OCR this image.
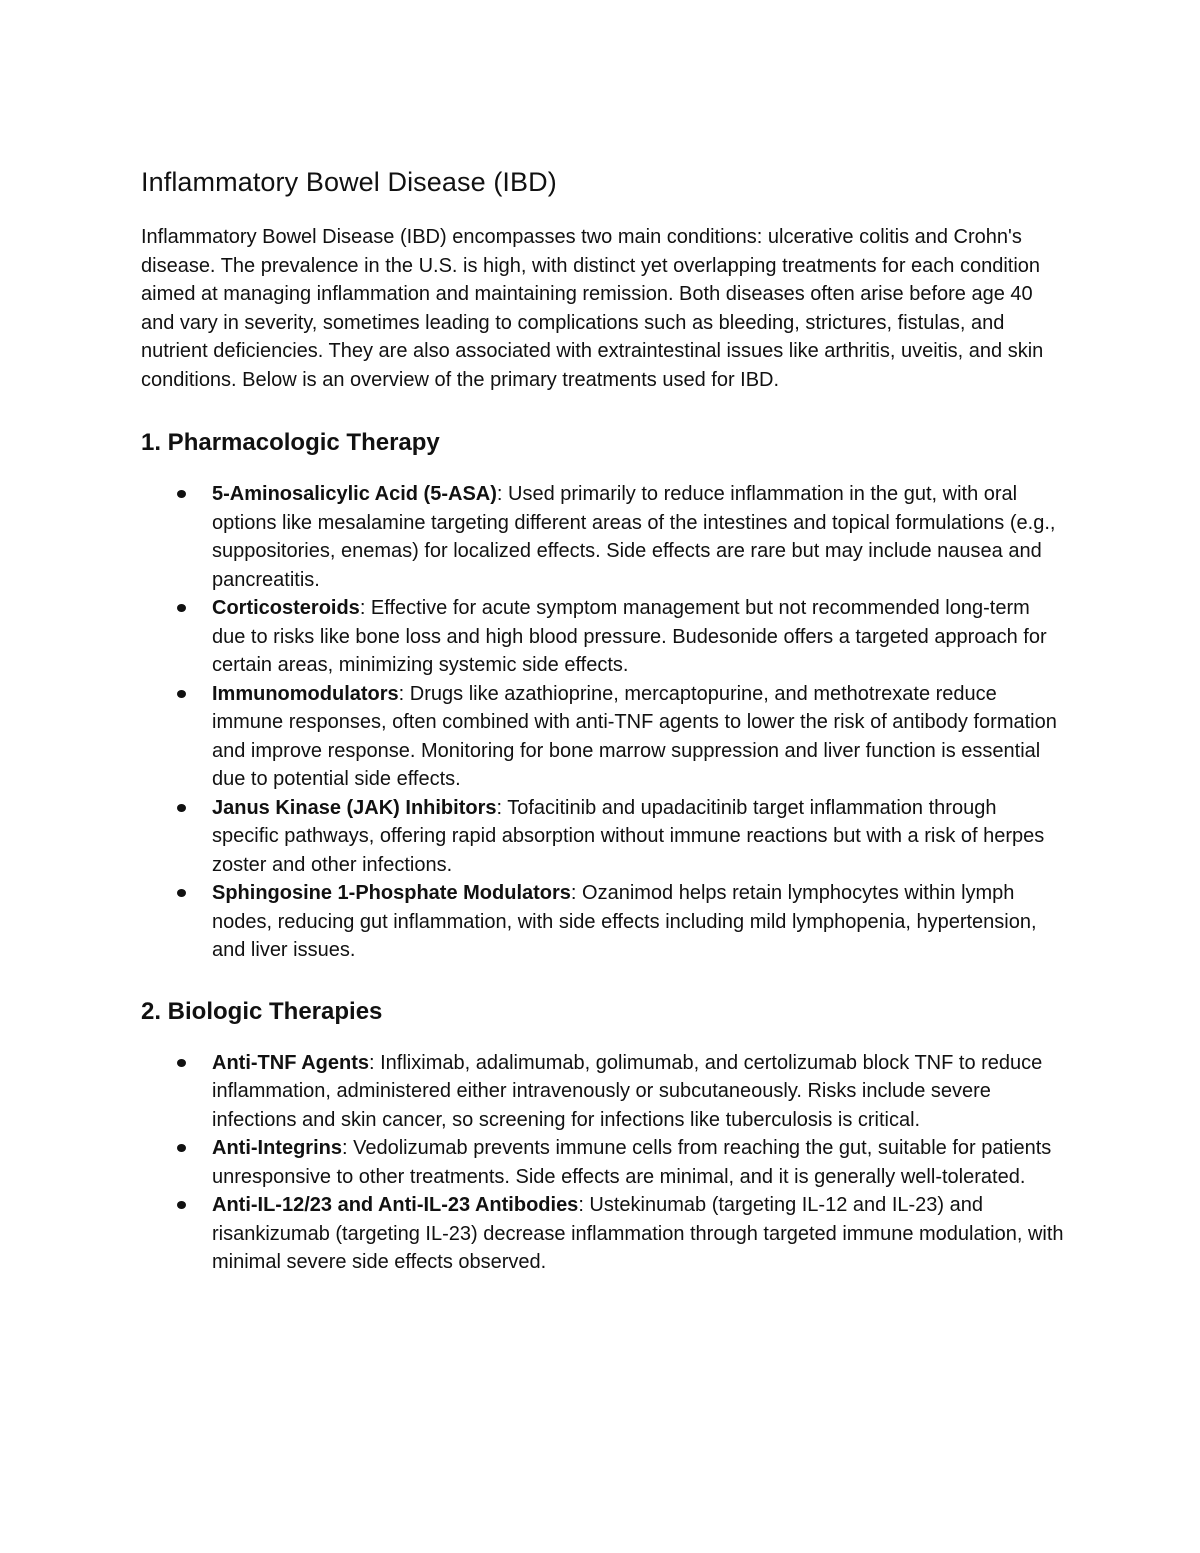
Inflammatory Bowel Disease (IBD)

Inflammatory Bowel Disease (IBD) encompasses two main conditions: ulcerative colitis and Crohn's disease. The prevalence in the U.S. is high, with distinct yet overlapping treatments for each condition aimed at managing inflammation and maintaining remission. Both diseases often arise before age 40 and vary in severity, sometimes leading to complications such as bleeding, strictures, fistulas, and nutrient deficiencies. They are also associated with extraintestinal issues like arthritis, uveitis, and skin conditions. Below is an overview of the primary treatments used for IBD.

1. Pharmacologic Therapy
5-Aminosalicylic Acid (5-ASA): Used primarily to reduce inflammation in the gut, with oral options like mesalamine targeting different areas of the intestines and topical formulations (e.g., suppositories, enemas) for localized effects. Side effects are rare but may include nausea and pancreatitis.
Corticosteroids: Effective for acute symptom management but not recommended long-term due to risks like bone loss and high blood pressure. Budesonide offers a targeted approach for certain areas, minimizing systemic side effects.
Immunomodulators: Drugs like azathioprine, mercaptopurine, and methotrexate reduce immune responses, often combined with anti-TNF agents to lower the risk of antibody formation and improve response. Monitoring for bone marrow suppression and liver function is essential due to potential side effects.
Janus Kinase (JAK) Inhibitors: Tofacitinib and upadacitinib target inflammation through specific pathways, offering rapid absorption without immune reactions but with a risk of herpes zoster and other infections.
Sphingosine 1-Phosphate Modulators: Ozanimod helps retain lymphocytes within lymph nodes, reducing gut inflammation, with side effects including mild lymphopenia, hypertension, and liver issues.
2. Biologic Therapies
Anti-TNF Agents: Infliximab, adalimumab, golimumab, and certolizumab block TNF to reduce inflammation, administered either intravenously or subcutaneously. Risks include severe infections and skin cancer, so screening for infections like tuberculosis is critical.
Anti-Integrins: Vedolizumab prevents immune cells from reaching the gut, suitable for patients unresponsive to other treatments. Side effects are minimal, and it is generally well-tolerated.
Anti-IL-12/23 and Anti-IL-23 Antibodies: Ustekinumab (targeting IL-12 and IL-23) and risankizumab (targeting IL-23) decrease inflammation through targeted immune modulation, with minimal severe side effects observed.
